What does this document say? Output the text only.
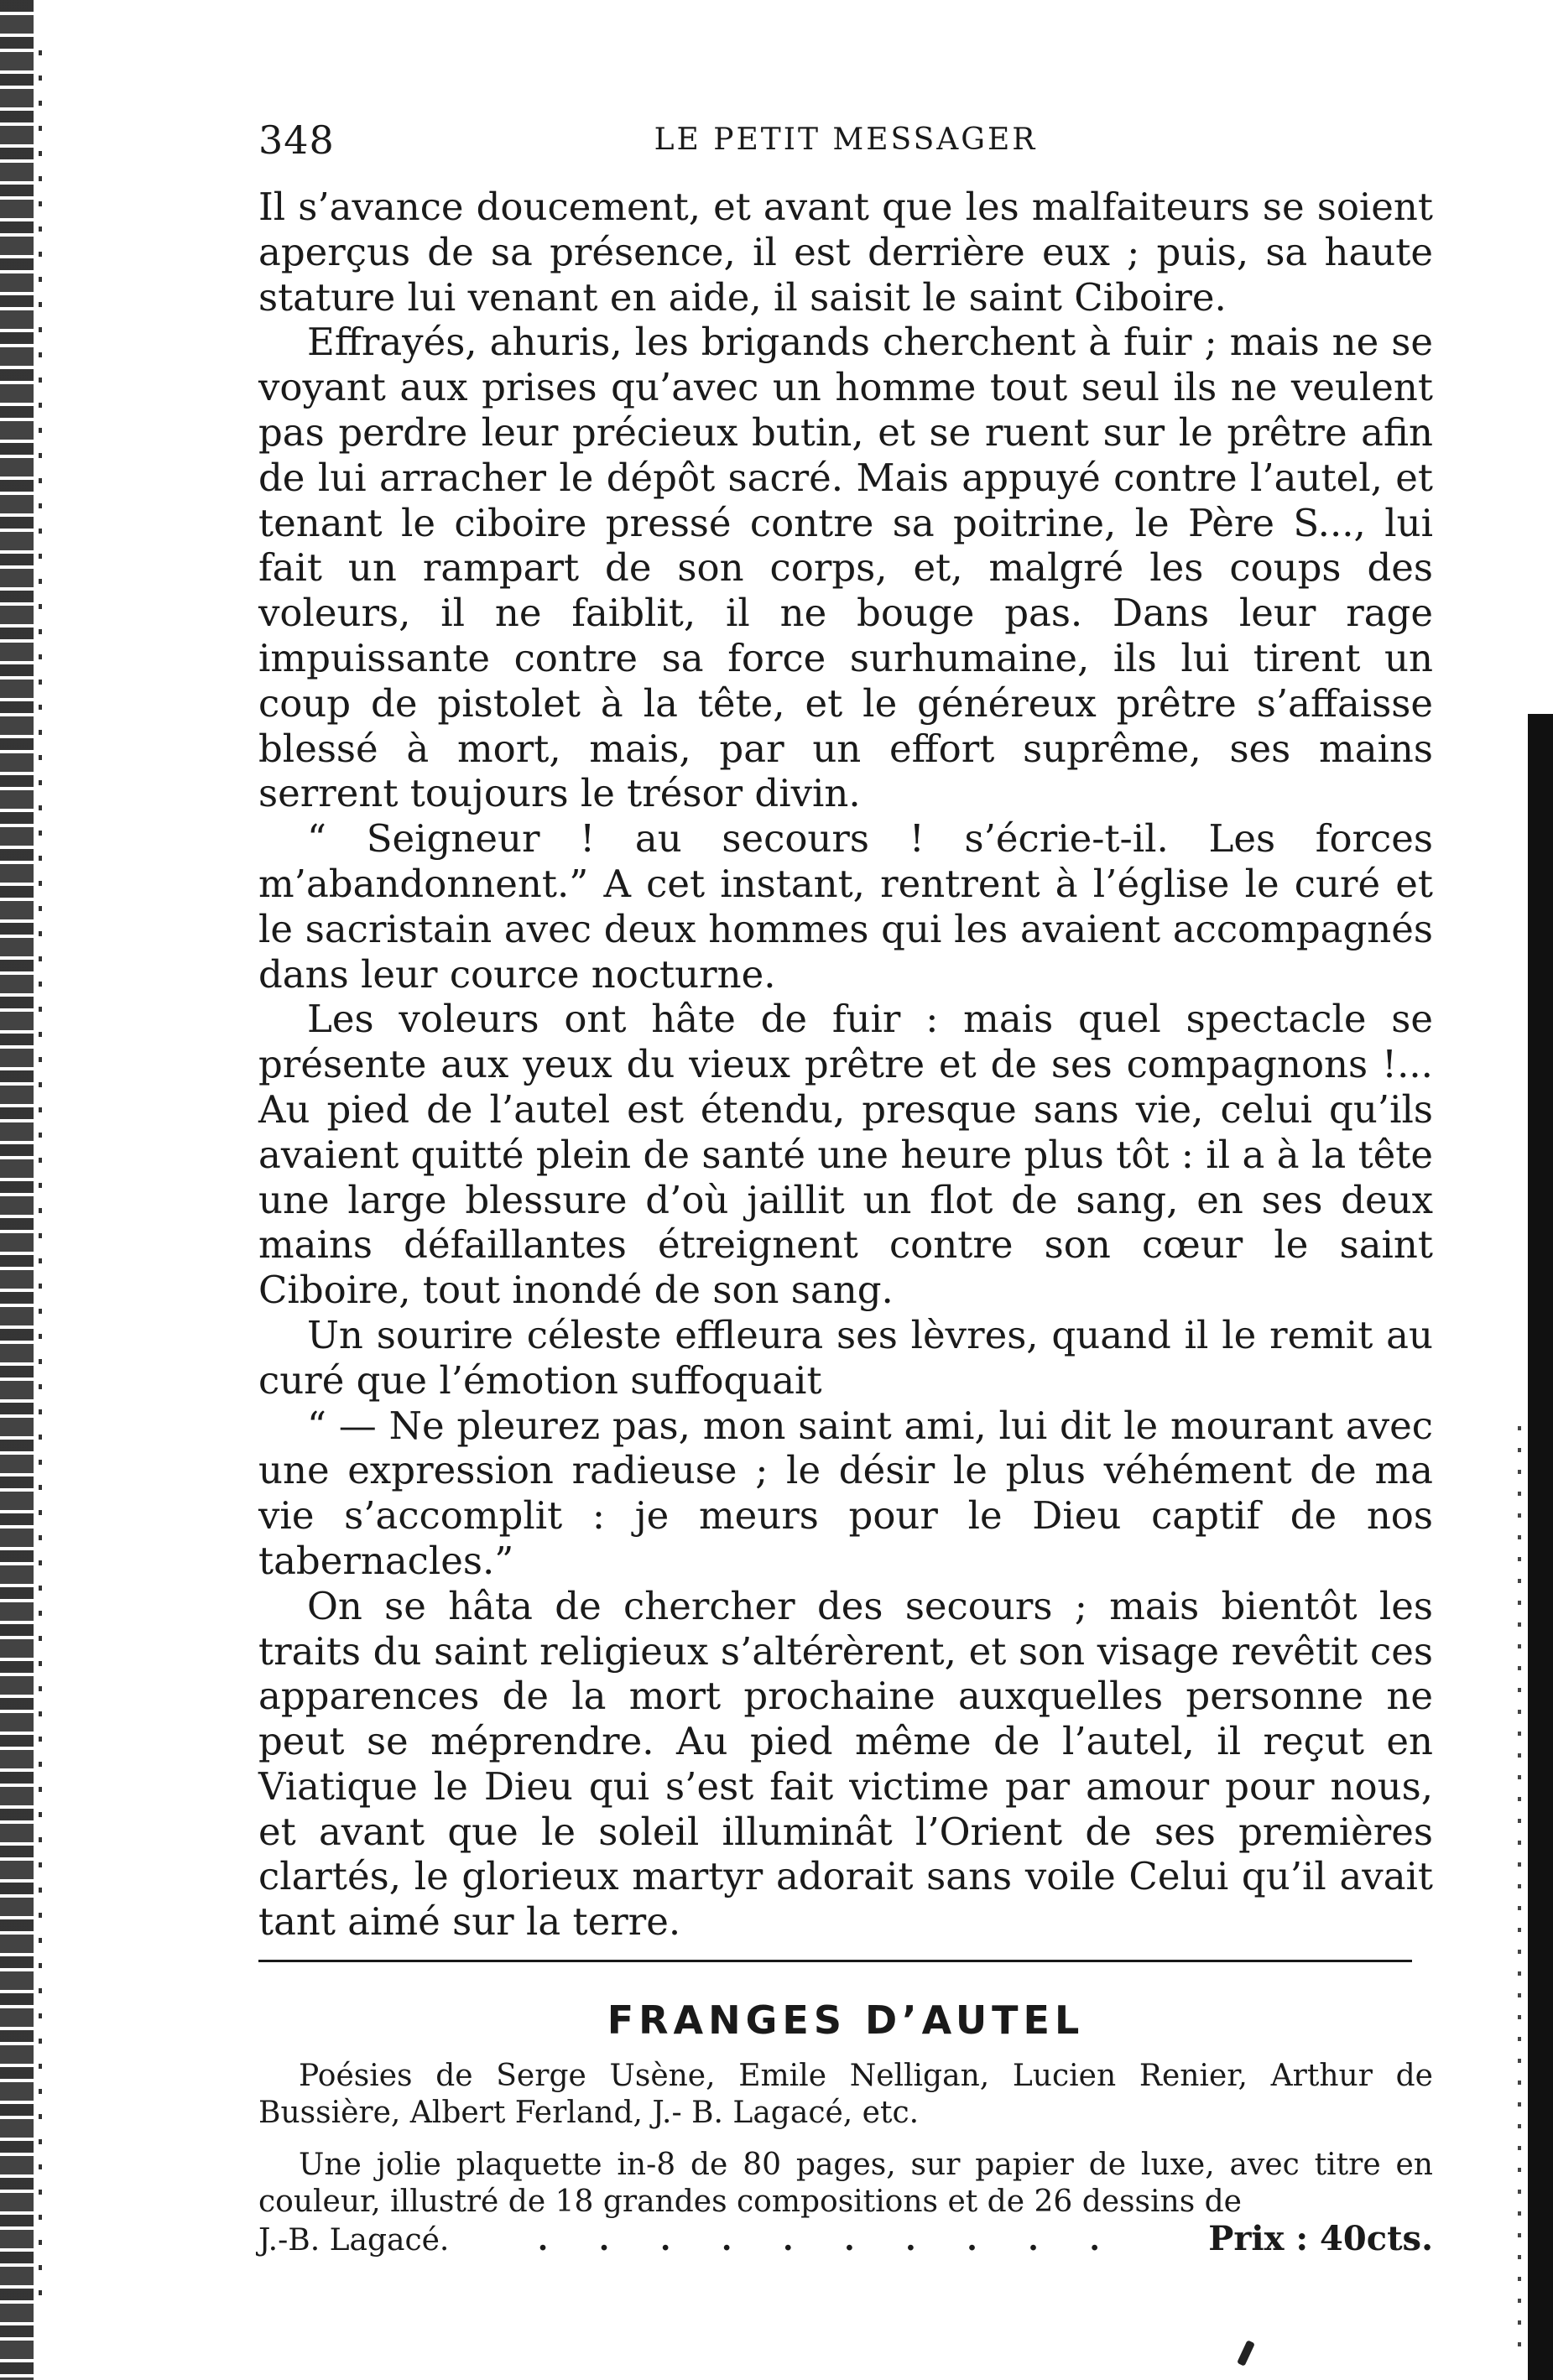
348	LE PETIT MESSAGER

Il s’avance doucement, et avant que les malfaiteurs se soient aperçus de sa présence, il est derrière eux ; puis, sa haute stature lui venant en aide, il saisit le saint Ciboire.

Effrayés, ahuris, les brigands cherchent à fuir ; mais ne se voyant aux prises qu’avec un homme tout seul ils ne veulent pas perdre leur précieux butin, et se ruent sur le prêtre afin de lui arracher le dépôt sacré. Mais appuyé contre l’autel, et tenant le ciboire pressé contre sa poitrine, le Père S..., lui fait un rampart de son corps, et, malgré les coups des voleurs, il ne faiblit, il ne bouge pas. Dans leur rage impuissante contre sa force surhumaine, ils lui tirent un coup de pistolet à la tête, et le généreux prêtre s’affaisse blessé à mort, mais, par un effort suprême, ses mains serrent toujours le trésor divin.

“ Seigneur ! au secours ! s’écrie-t-il. Les forces m’abandonnent.” A cet instant, rentrent à l’église le curé et le sacristain avec deux hommes qui les avaient accompagnés dans leur cource nocturne.

Les voleurs ont hâte de fuir : mais quel spectacle se présente aux yeux du vieux prêtre et de ses compagnons !... Au pied de l’autel est étendu, presque sans vie, celui qu’ils avaient quitté plein de santé une heure plus tôt : il a à la tête une large blessure d’où jaillit un flot de sang, en ses deux mains défaillantes étreignent contre son cœur le saint Ciboire, tout inondé de son sang.

Un sourire céleste effleura ses lèvres, quand il le remit au curé que l’émotion suffoquait

“ — Ne pleurez pas, mon saint ami, lui dit le mourant avec une expression radieuse ; le désir le plus véhément de ma vie s’accomplit : je meurs pour le Dieu captif de nos tabernacles.”

On se hâta de chercher des secours ; mais bientôt les traits du saint religieux s’altérèrent, et son visage revêtit ces apparences de la mort prochaine auxquelles personne ne peut se méprendre. Au pied même de l’autel, il reçut en Viatique le Dieu qui s’est fait victime par amour pour nous, et avant que le soleil illuminât l’Orient de ses premières clartés, le glorieux martyr adorait sans voile Celui qu’il avait tant aimé sur la terre.

FRANGES D’AUTEL

Poésies de Serge Usène, Emile Nelligan, Lucien Renier, Arthur de Bussière, Albert Ferland, J.- B. Lagacé, etc.

Une jolie plaquette in-8 de 80 pages, sur papier de luxe, avec titre en couleur, illustré de 18 grandes compositions et de 26 dessins de

J.-B. Lagacé.	. . . . . . . . . .	Prix : 40cts.
